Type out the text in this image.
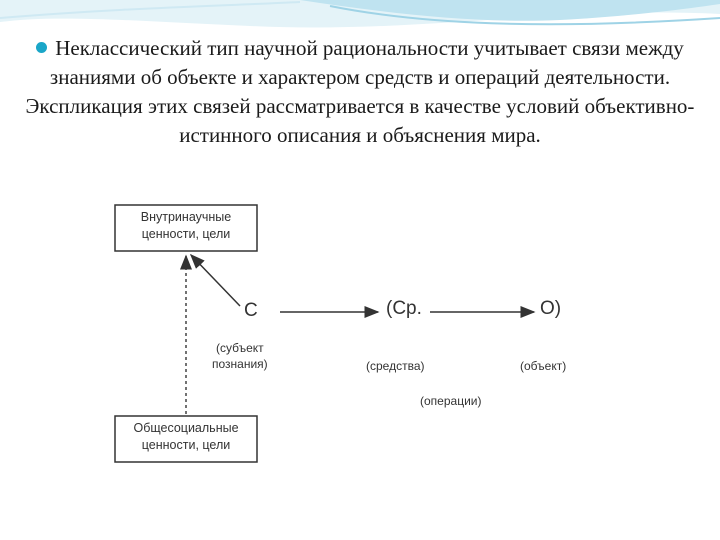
Неклассический тип научной рациональности учитывает связи между знаниями об объекте и характером средств и операций деятельности. Экспликация этих связей рассматривается в качестве условий объективно-истинного описания и объяснения мира.
Внутринаучные
ценности, цели
Общесоциальные
ценности, цели
С	(Ср.	О)
(субъект
познания)	(средства)	(объект)
(операции)
